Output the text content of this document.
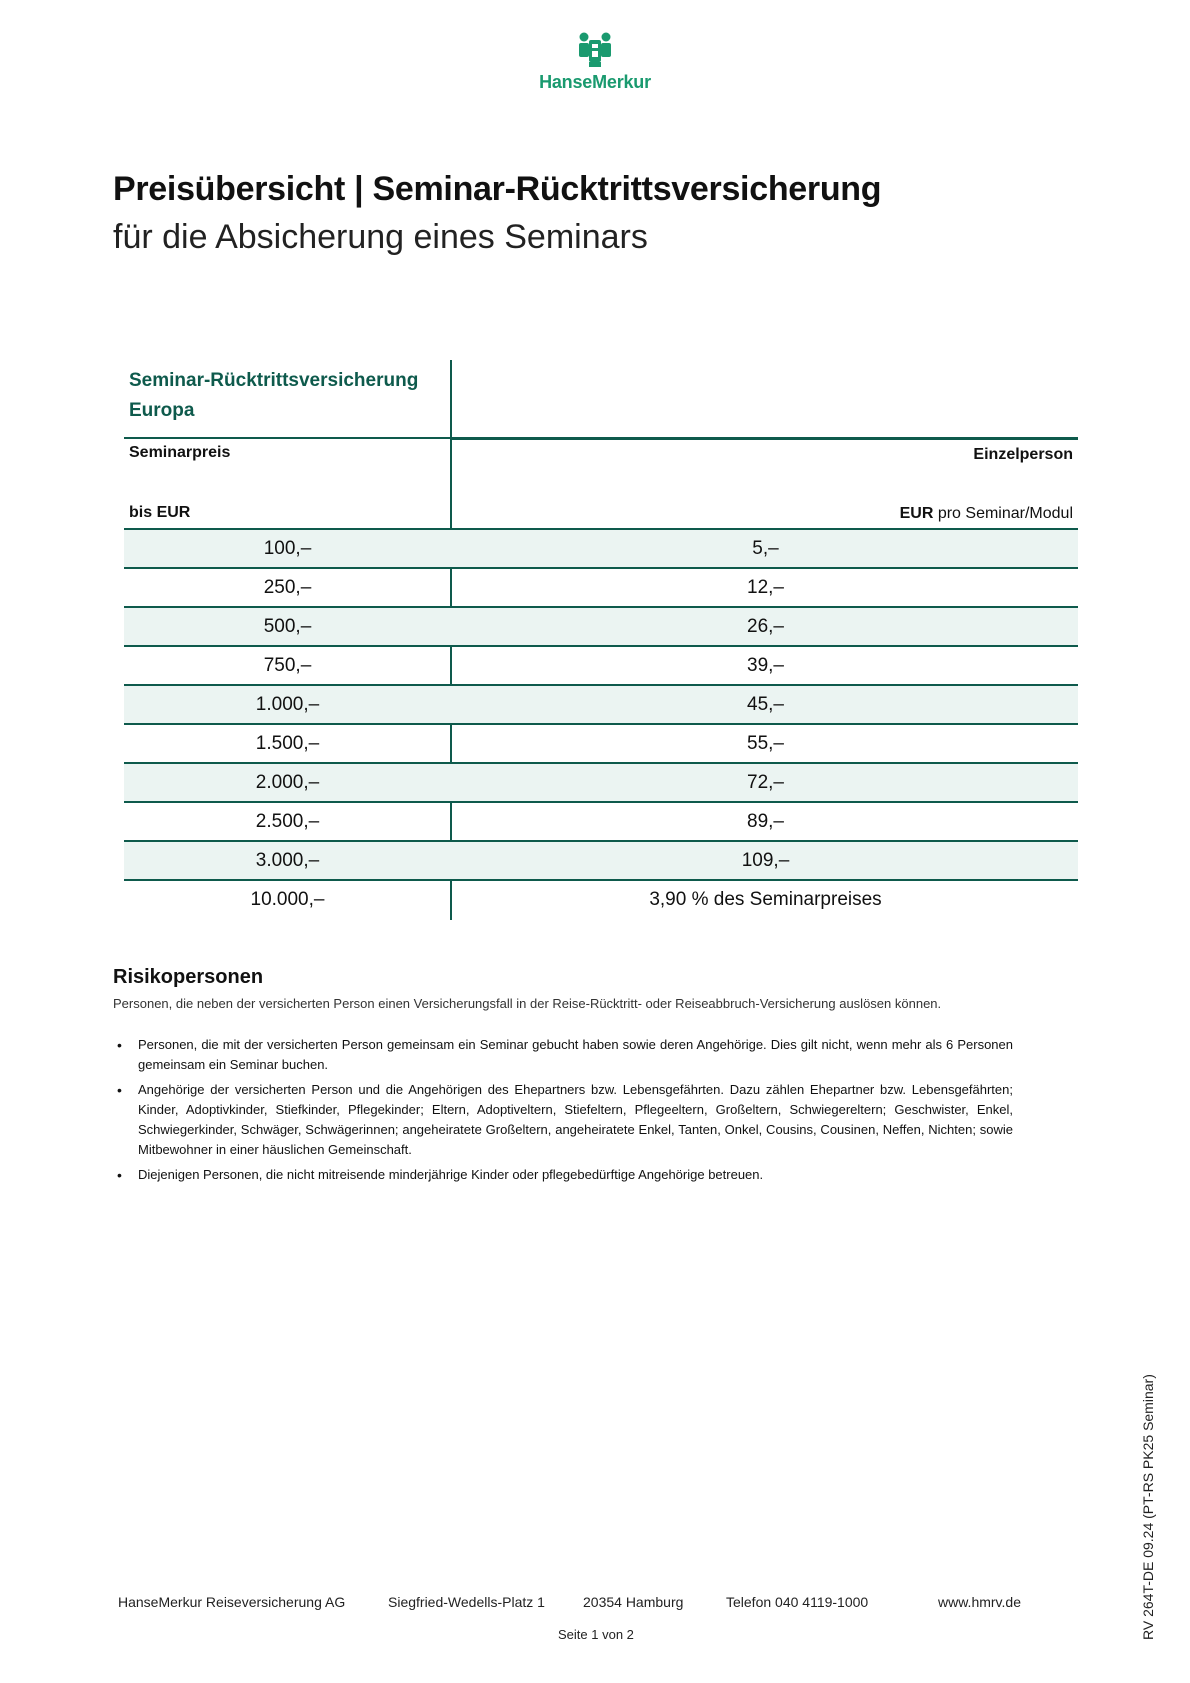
HanseMerkur
Preisübersicht | Seminar-Rücktrittsversicherung
für die Absicherung eines Seminars
Seminar-Rücktrittsversicherung
Europa
Seminarpreis
bis EUR
Einzelperson
EUR pro Seminar/Modul
100,–	5,–
250,–	12,–
500,–	26,–
750,–	39,–
1.000,–	45,–
1.500,–	55,–
2.000,–	72,–
2.500,–	89,–
3.000,–	109,–
10.000,–	3,90 % des Seminarpreises
Risikopersonen

Personen, die neben der versicherten Person einen Versicherungsfall in der Reise-Rücktritt- oder Reiseabbruch-Versicherung auslösen können.

• Personen, die mit der versicherten Person gemeinsam ein Seminar gebucht haben sowie deren Angehörige. Dies gilt nicht, wenn mehr als 6 Personen gemeinsam ein Seminar buchen.
• Angehörige der versicherten Person und die Angehörigen des Ehepartners bzw. Lebensgefährten. Dazu zählen Ehepartner bzw. Lebensgefährten; Kinder, Adoptivkinder, Stiefkinder, Pflegekinder; Eltern, Adoptiveltern, Stiefeltern, Pflegeeltern, Großeltern, Schwiegereltern; Geschwister, Enkel, Schwiegerkinder, Schwäger, Schwägerinnen; angeheiratete Großeltern, angeheiratete Enkel, Tanten, Onkel, Cousins, Cousinen, Neffen, Nichten; sowie Mitbewohner in einer häuslichen Gemeinschaft.
• Diejenigen Personen, die nicht mitreisende minderjährige Kinder oder pflegebedürftige Angehörige betreuen.
HanseMerkur Reiseversicherung AG	Siegfried-Wedells-Platz 1	20354 Hamburg	Telefon 040 4119-1000	www.hmrv.de
Seite 1 von 2	RV 264T-DE 09.24 (PT-RS PK25 Seminar)
